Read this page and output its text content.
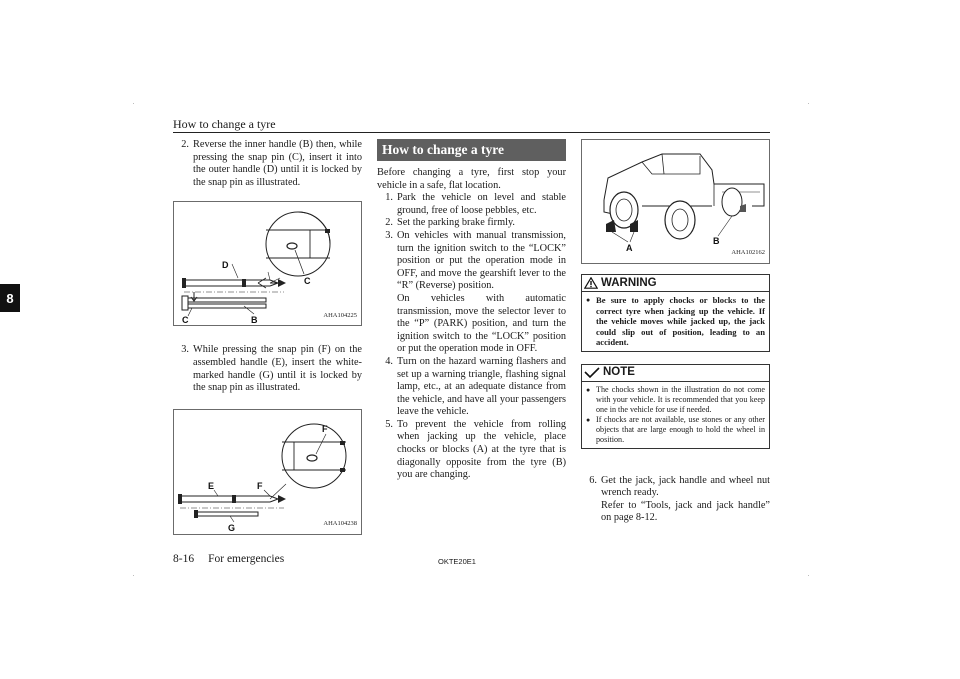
How to change a tyre
8
2. Reverse the inner handle (B) then, while pressing the snap pin (C), insert it into the outer handle (D) until it is locked by the snap pin as illustrated.

D
C
C	B
AHA104225
3. While pressing the snap pin (F) on the assembled handle (E), insert the white-marked handle (G) until it is locked by the snap pin as illustrated.

F
E	F
G	AHA104238
How to change a tyre

Before changing a tyre, first stop your vehicle in a safe, flat location.

1. Park the vehicle on level and stable ground, free of loose pebbles, etc.

2. Set the parking brake firmly.

3. On vehicles with manual transmission, turn the ignition switch to the “LOCK” position or put the operation mode in OFF, and move the gearshift lever to the “R” (Reverse) position.

On vehicles with automatic transmission, move the selector lever to the “P” (PARK) position, and turn the ignition switch to the “LOCK” position or put the operation mode in OFF.

4. Turn on the hazard warning flashers and set up a warning triangle, flashing signal lamp, etc., at an adequate distance from the vehicle, and have all your passengers leave the vehicle.

5. To prevent the vehicle from rolling when jacking up the vehicle, place chocks or blocks (A) at the tyre that is diagonally opposite from the tyre (B) you are changing.

A
B
AHA102162
WARNING
● Be sure to apply chocks or blocks to the correct tyre when jacking up the vehicle. If the vehicle moves while jacked up, the jack could slip out of position, leading to an accident.
NOTE
● The chocks shown in the illustration do not come with your vehicle. It is recommended that you keep one in the vehicle for use if needed.
● If chocks are not available, use stones or any other objects that are large enough to hold the wheel in position.
6. Get the jack, jack handle and wheel nut wrench ready.

Refer to “Tools, jack and jack handle” on page 8-12.

8-16 For emergencies	OKTE20E1
